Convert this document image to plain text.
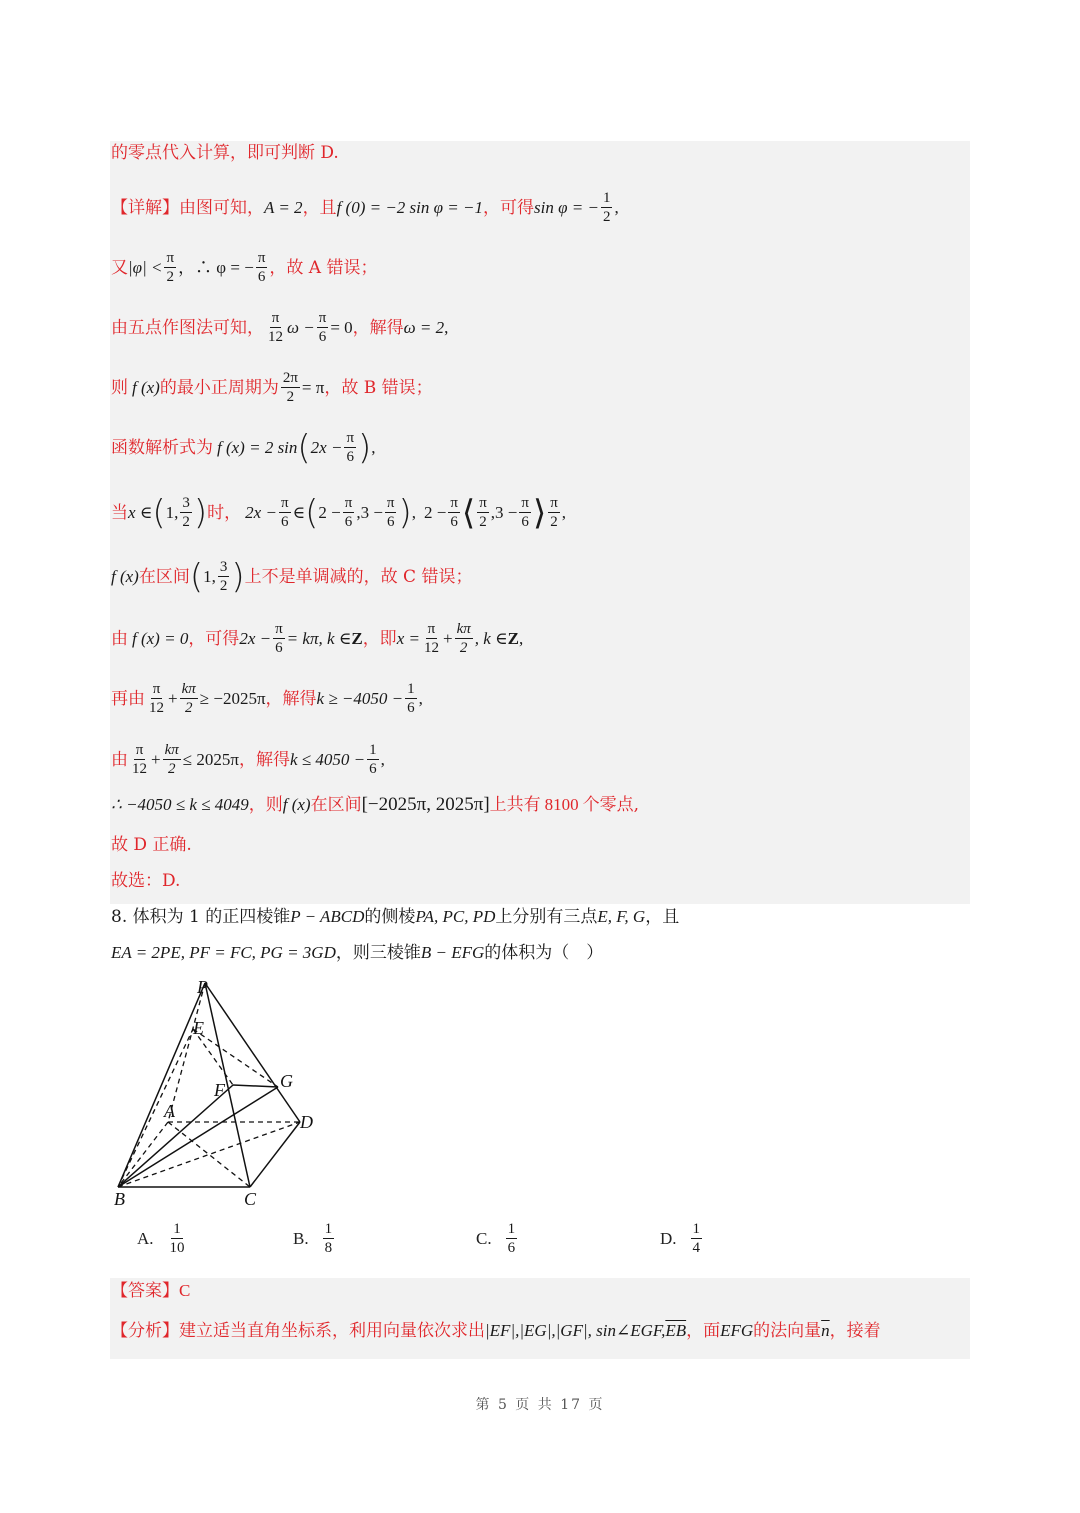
的零点代入计算，即可判断 D.
【详解】 由图可知， A = 2 ，且 f (0) = −2 sin φ = −1 ，可得 sin φ = − $\frac{1}{2}$ ,
又 $|\varphi| < \frac{\pi}{2}$ ，∴ φ = − $\frac{\pi}{6}$ ，故 A 错误；
由五点作图法可知， $\frac{\pi}{12}$ $\omega - \frac{\pi}{6} = 0$ ，解得 ω = 2 ,
则 f (x) 的最小正周期为 $\frac{2\pi}{2} = \pi$ ，故 B 错误；
函数解析式为 f (x) = 2 sin ( $2x - \frac{\pi}{6}$ ) ,
当 x ∈ ( 1, $\frac{3}{2}$ ) 时， $2x - \frac{\pi}{6}$ ∈ ( $2 - \frac{\pi}{6} ,3 - \frac{\pi}{6}$ ) , $2 - \frac{\pi}{6}$ ⟨ $\frac{\pi}{2} ,3 - \frac{\pi}{6}$ ⟩ $\frac{\pi}{2}$ ,
f (x) 在区间 ( 1, $\frac{3}{2}$ ) 上不是单调减的，故 C 错误；
由 f (x) = 0 ，可得 $2x - \frac{\pi}{6} = k\pi$, k ∈ Z ，即 $x = \frac{\pi}{12} + \frac{k\pi}{2}$ , k ∈ Z ,
再由 $\frac{\pi}{12} + \frac{k\pi}{2} \ge -2025\pi$ ，解得 $k \ge -4050 - \frac{1}{6}$ ,
由 $\frac{\pi}{12} + \frac{k\pi}{2} \le 2025\pi$ ，解得 $k \le 4050 - \frac{1}{6}$ ,
∴ −4050 ≤ k ≤ 4049 ，则 f (x) 在区间 [−2025π, 2025π] 上共有 8100 个零点,
故 D 正确.
故选：D.
8. 体积为 1 的正四棱锥 P − ABCD 的侧棱 PA, PC, PD 上分别有三点 E, F, G ，且
EA = 2PE, PF = FC, PG = 3GD ，则三棱锥 B − EFG 的体积为（　）
P
E
F	G
A
D
B	C
A. $\frac{1}{10}$	B. $\frac{1}{8}$	C. $\frac{1}{6}$	D. $\frac{1}{4}$
【答案】 C
【分析】 建立适当直角坐标系，利用向量依次求出 |EF|,|EG|,|GF|, sin∠EGF, $\overline{EB}$ ，面 EFG 的法向量 $\overline{n}$ ，接着
第 5 页 共 17 页
